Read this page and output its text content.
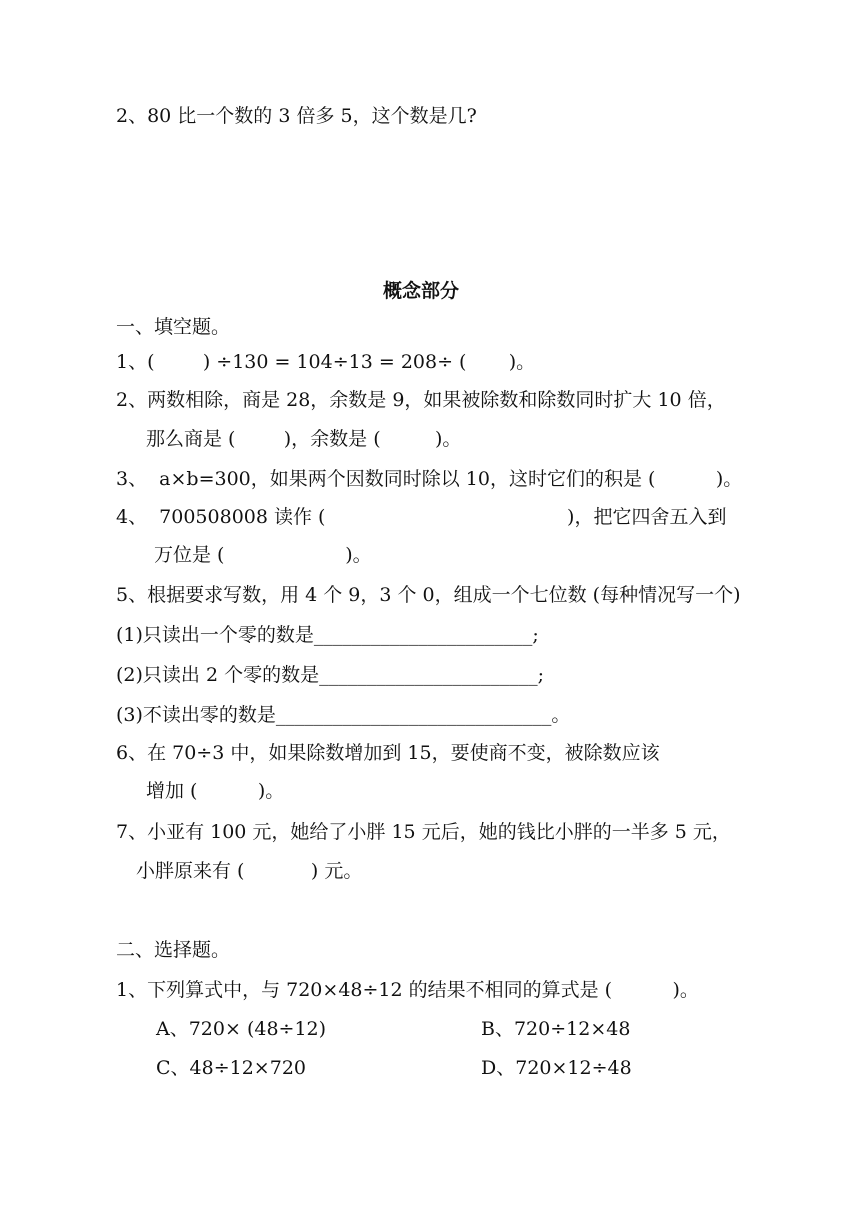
2、80 比一个数的 3 倍多 5，这个数是几?
概念部分
一、填空题。
1、(        ) ÷130 = 104÷13 = 208÷ (       )。
2、两数相除，商是 28，余数是 9，如果被除数和除数同时扩大 10 倍，
那么商是 (        )，余数是 (         )。
3、  a×b=300，如果两个因数同时除以 10，这时它们的积是 (          )。
4、  700508008 读作 (                                        )，把它四舍五入到
万位是 (                    )。
5、根据要求写数，用 4 个 9，3 个 0，组成一个七位数 (每种情况写一个)
(1)只读出一个零的数是_______________________;
(2)只读出 2 个零的数是_______________________;
(3)不读出零的数是_____________________________。
6、在 70÷3 中，如果除数增加到 15，要使商不变，被除数应该
增加 (          )。
7、小亚有 100 元，她给了小胖 15 元后，她的钱比小胖的一半多 5 元，
小胖原来有 (           ) 元。
二、选择题。
1、下列算式中，与 720×48÷12 的结果不相同的算式是 (          )。
A、720× (48÷12)	B、720÷12×48
C、48÷12×720	D、720×12÷48
